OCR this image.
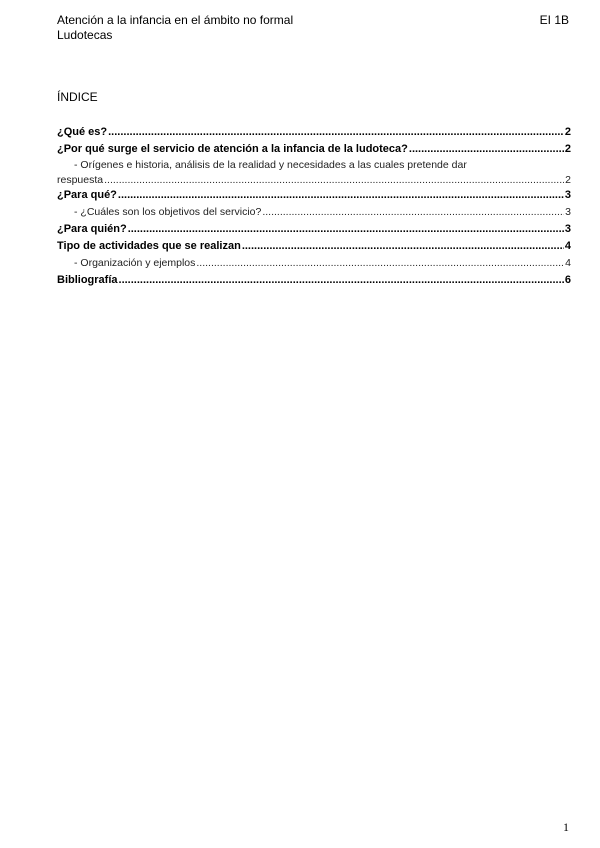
Atención a la infancia en el ámbito no formal
Ludotecas
EI 1B
ÍNDICE
¿Qué es? .....	2
¿Por qué surge el servicio de atención a la infancia de la ludoteca? .....	2
- Orígenes e historia, análisis de la realidad y necesidades a las cuales pretende dar
respuesta .....	2
¿Para qué? .....	3
- ¿Cuáles son los objetivos del servicio? .....	3
¿Para quién? .....	3
Tipo de actividades que se realizan .....	4
- Organización y ejemplos .....	4
Bibliografía .....	6
1
